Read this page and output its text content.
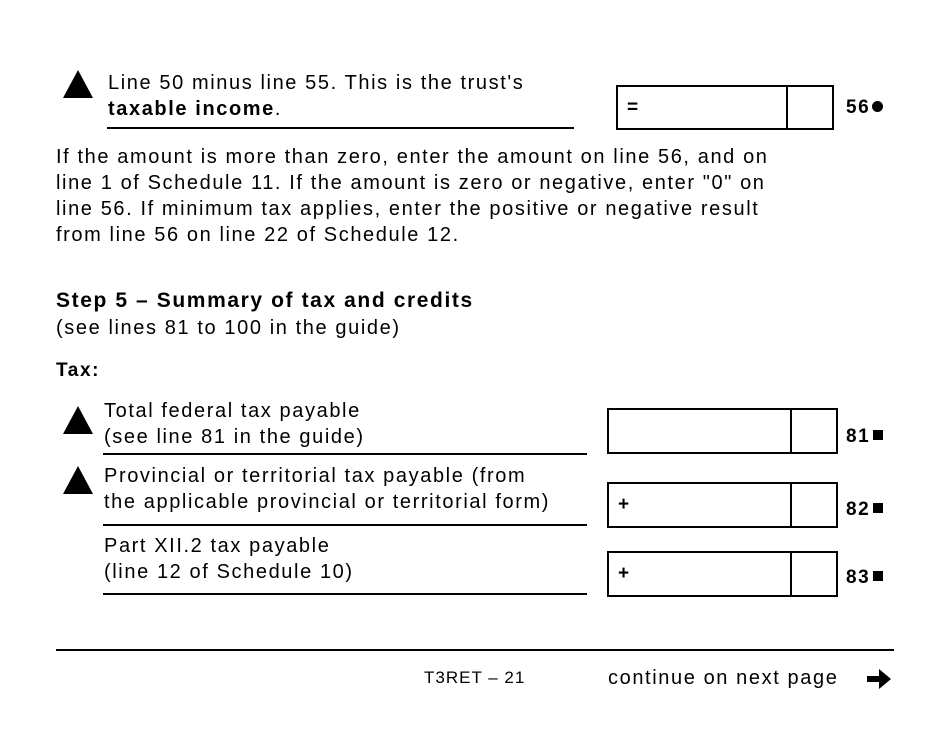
Line 50 minus line 55. This is the trust's
taxable income.	=	56
If the amount is more than zero, enter the amount on line 56, and on
line 1 of Schedule 11. If the amount is zero or negative, enter "0" on
line 56. If minimum tax applies, enter the positive or negative result
from line 56 on line 22 of Schedule 12.
Step 5 – Summary of tax and credits
(see lines 81 to 100 in the guide)
Tax:
Total federal tax payable
(see line 81 in the guide)	81
Provincial or territorial tax payable (from
the applicable provincial or territorial form)	+	82
Part XII.2 tax payable
(line 12 of Schedule 10)	+	83
T3RET – 21	continue on next page
